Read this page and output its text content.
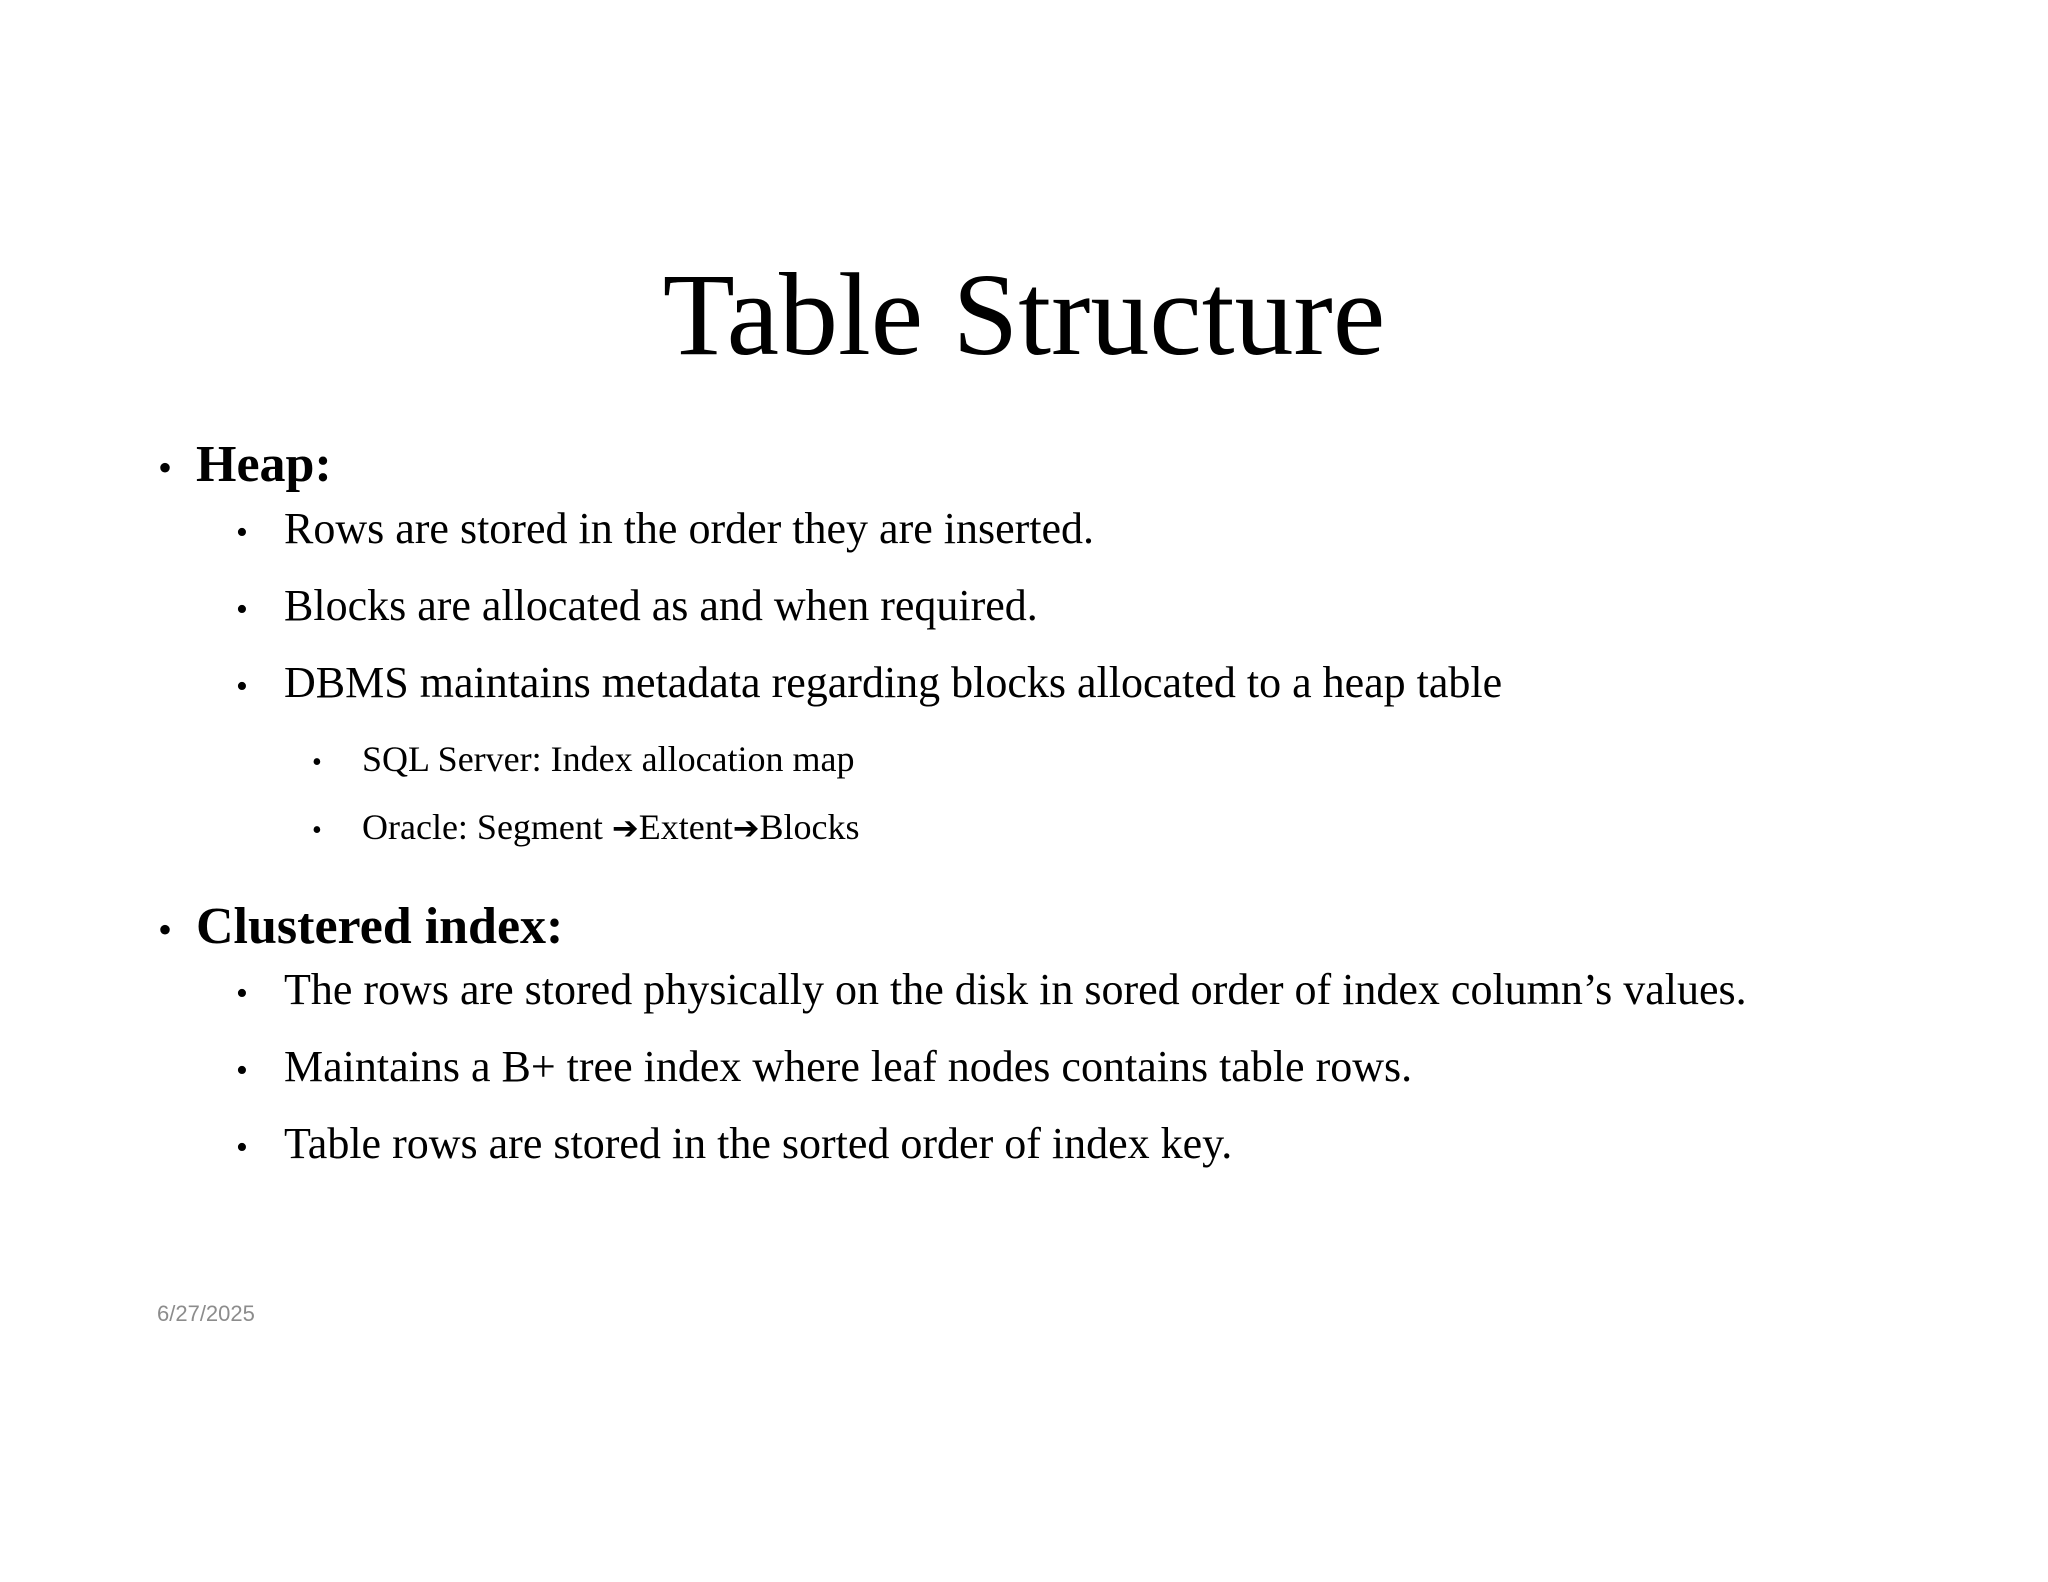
Table Structure
• Heap:
• Rows are stored in the order they are inserted.
• Blocks are allocated as and when required.
• DBMS maintains metadata regarding blocks allocated to a heap table
• SQL Server: Index allocation map
• Oracle: Segment ➔Extent➔Blocks
• Clustered index:
• The rows are stored physically on the disk in sored order of index column’s values.
• Maintains a B+ tree index where leaf nodes contains table rows.
• Table rows are stored in the sorted order of index key.
6/27/2025
